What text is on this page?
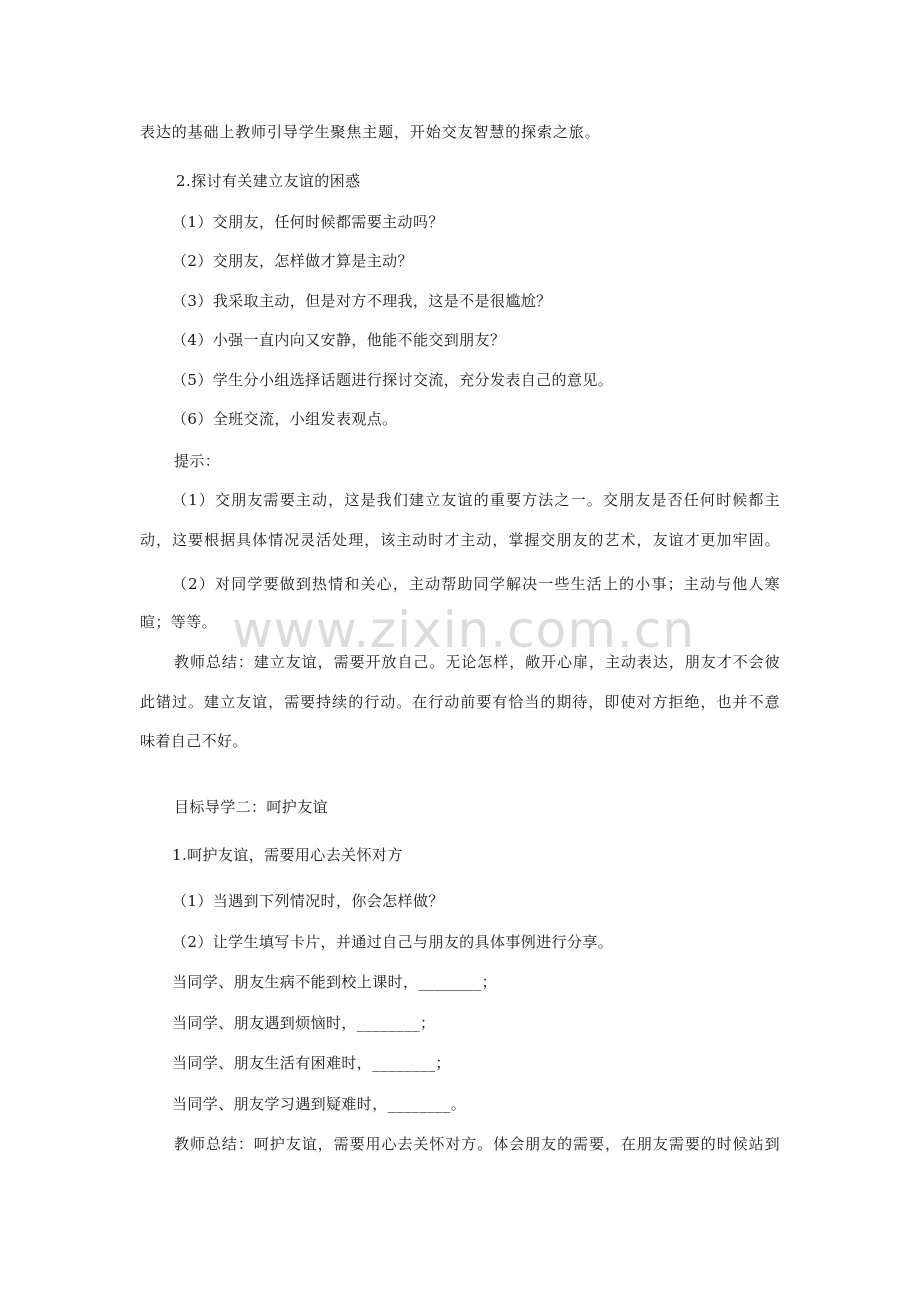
www.zixin.com.cn
表达的基础上教师引导学生聚焦主题，开始交友智慧的探索之旅。
2.探讨有关建立友谊的困惑
（1）交朋友，任何时候都需要主动吗？
（2）交朋友，怎样做才算是主动？
（3）我采取主动，但是对方不理我，这是不是很尴尬？
（4）小强一直内向又安静，他能不能交到朋友？
（5）学生分小组选择话题进行探讨交流，充分发表自己的意见。
（6）全班交流，小组发表观点。
提示：
（1）交朋友需要主动，这是我们建立友谊的重要方法之一。交朋友是否任何时候都主
动，这要根据具体情况灵活处理，该主动时才主动，掌握交朋友的艺术，友谊才更加牢固。
（2）对同学要做到热情和关心，主动帮助同学解决一些生活上的小事；主动与他人寒
暄；等等。
教师总结：建立友谊，需要开放自己。无论怎样，敞开心扉，主动表达，朋友才不会彼
此错过。建立友谊，需要持续的行动。在行动前要有恰当的期待，即使对方拒绝，也并不意
味着自己不好。
目标导学二：呵护友谊
1.呵护友谊，需要用心去关怀对方
（1）当遇到下列情况时，你会怎样做？
（2）让学生填写卡片，并通过自己与朋友的具体事例进行分享。
当同学、朋友生病不能到校上课时，________；
当同学、朋友遇到烦恼时，________；
当同学、朋友生活有困难时，________；
当同学、朋友学习遇到疑难时，________。
教师总结：呵护友谊，需要用心去关怀对方。体会朋友的需要，在朋友需要的时候站到
